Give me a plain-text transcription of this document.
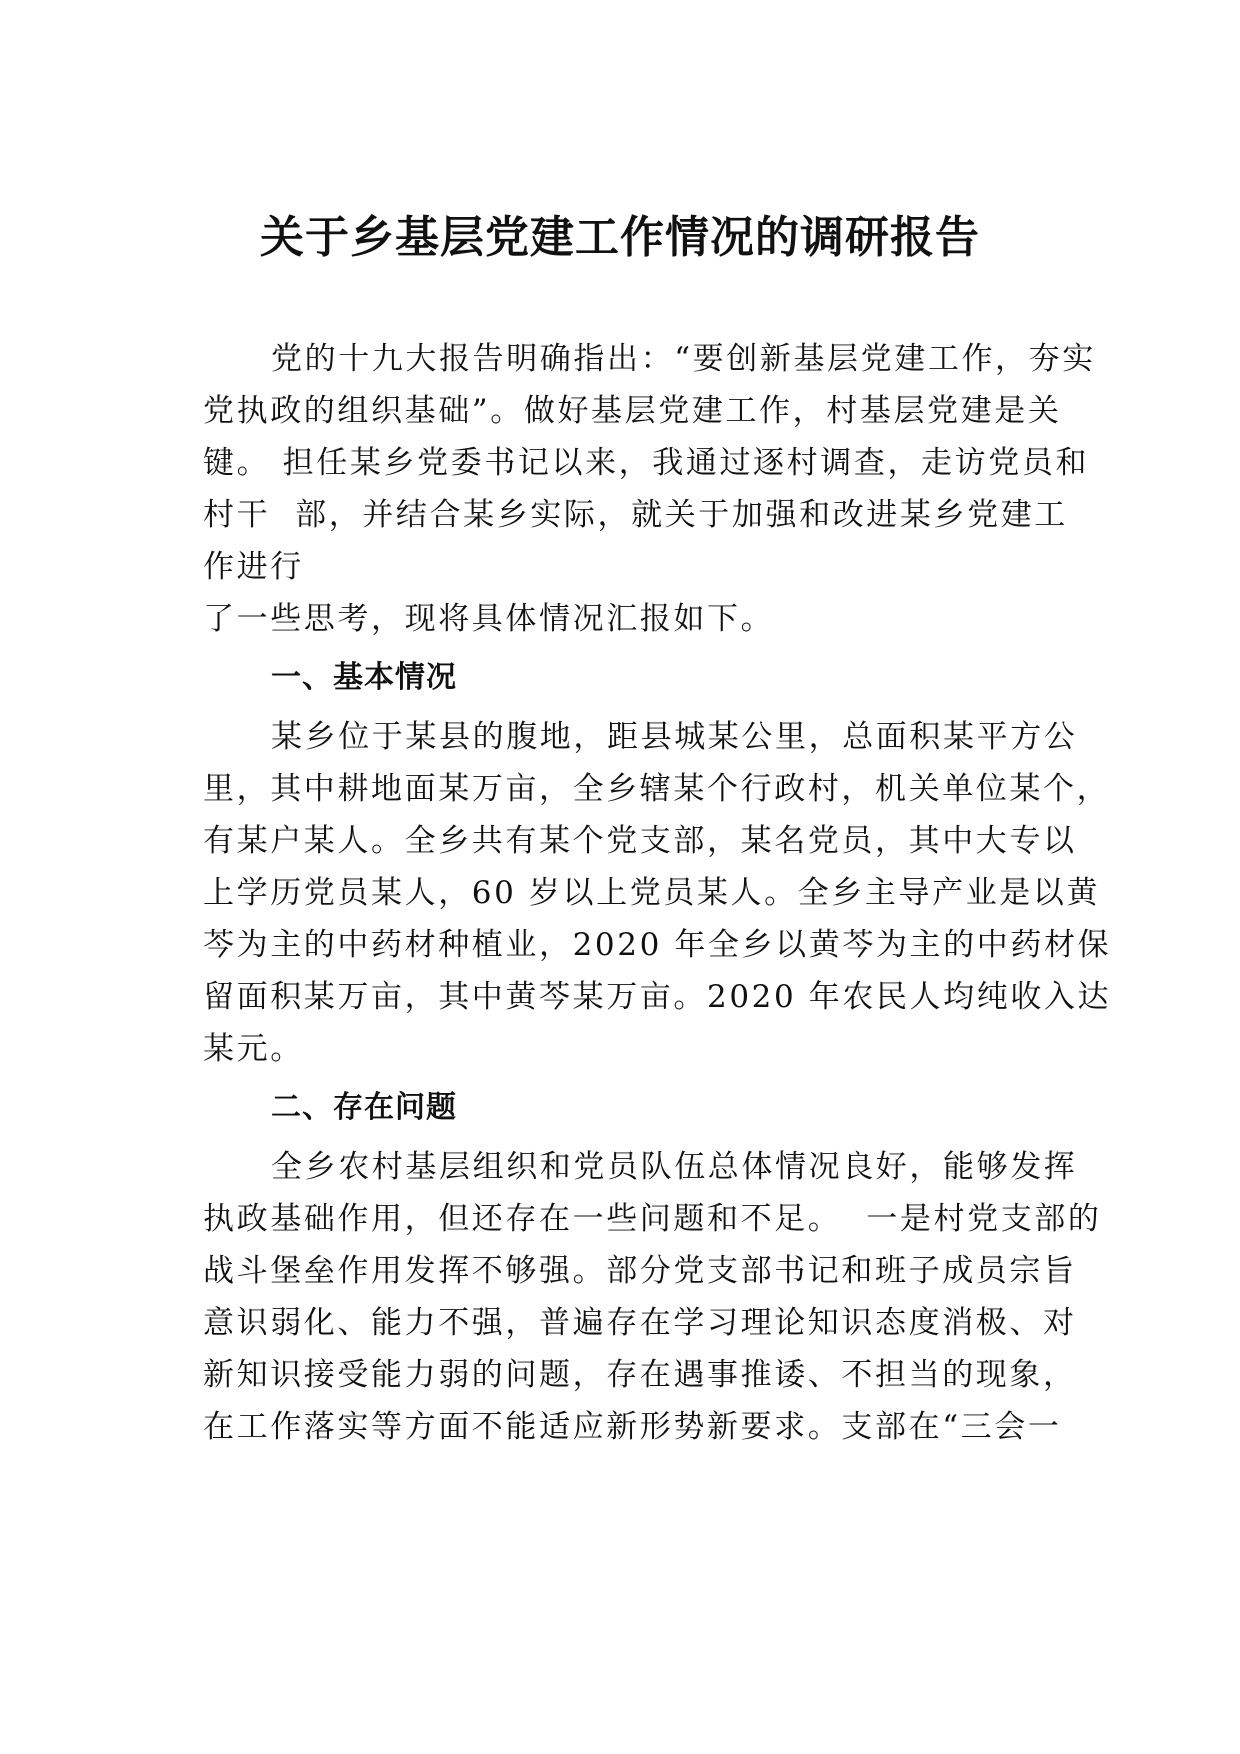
关于乡基层党建工作情况的调研报告
党的十九大报告明确指出：“要创新基层党建工作，夯实
党执政的组织基础”。做好基层党建工作，村基层党建是关
键。 担任某乡党委书记以来，我通过逐村调查，走访党员和
村干  部，并结合某乡实际，就关于加强和改进某乡党建工
作进行
了一些思考，现将具体情况汇报如下。
一、基本情况
某乡位于某县的腹地，距县城某公里，总面积某平方公
里，其中耕地面某万亩，全乡辖某个行政村，机关单位某个，
有某户某人。全乡共有某个党支部，某名党员，其中大专以
上学历党员某人，60 岁以上党员某人。全乡主导产业是以黄
芩为主的中药材种植业，2020 年全乡以黄芩为主的中药材保
留面积某万亩，其中黄芩某万亩。2020 年农民人均纯收入达
某元。
二、存在问题
全乡农村基层组织和党员队伍总体情况良好，能够发挥
执政基础作用，但还存在一些问题和不足。  一是村党支部的
战斗堡垒作用发挥不够强。部分党支部书记和班子成员宗旨
意识弱化、能力不强，普遍存在学习理论知识态度消极、对
新知识接受能力弱的问题，存在遇事推诿、不担当的现象，
在工作落实等方面不能适应新形势新要求。支部在“三会一
